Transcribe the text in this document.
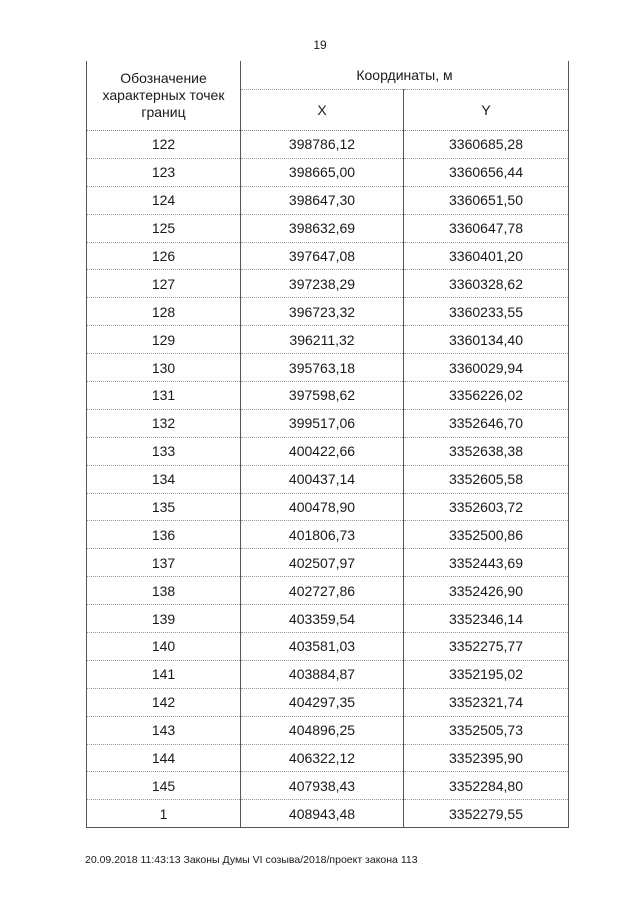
19
Обозначение характерных точек границ	Координаты, м	
	X	Y
122	398786,12	3360685,28
123	398665,00	3360656,44
124	398647,30	3360651,50
125	398632,69	3360647,78
126	397647,08	3360401,20
127	397238,29	3360328,62
128	396723,32	3360233,55
129	396211,32	3360134,40
130	395763,18	3360029,94
131	397598,62	3356226,02
132	399517,06	3352646,70
133	400422,66	3352638,38
134	400437,14	3352605,58
135	400478,90	3352603,72
136	401806,73	3352500,86
137	402507,97	3352443,69
138	402727,86	3352426,90
139	403359,54	3352346,14
140	403581,03	3352275,77
141	403884,87	3352195,02
142	404297,35	3352321,74
143	404896,25	3352505,73
144	406322,12	3352395,90
145	407938,43	3352284,80
1	408943,48	3352279,55
20.09.2018 11:43:13 Законы Думы VI созыва/2018/проект закона 113
